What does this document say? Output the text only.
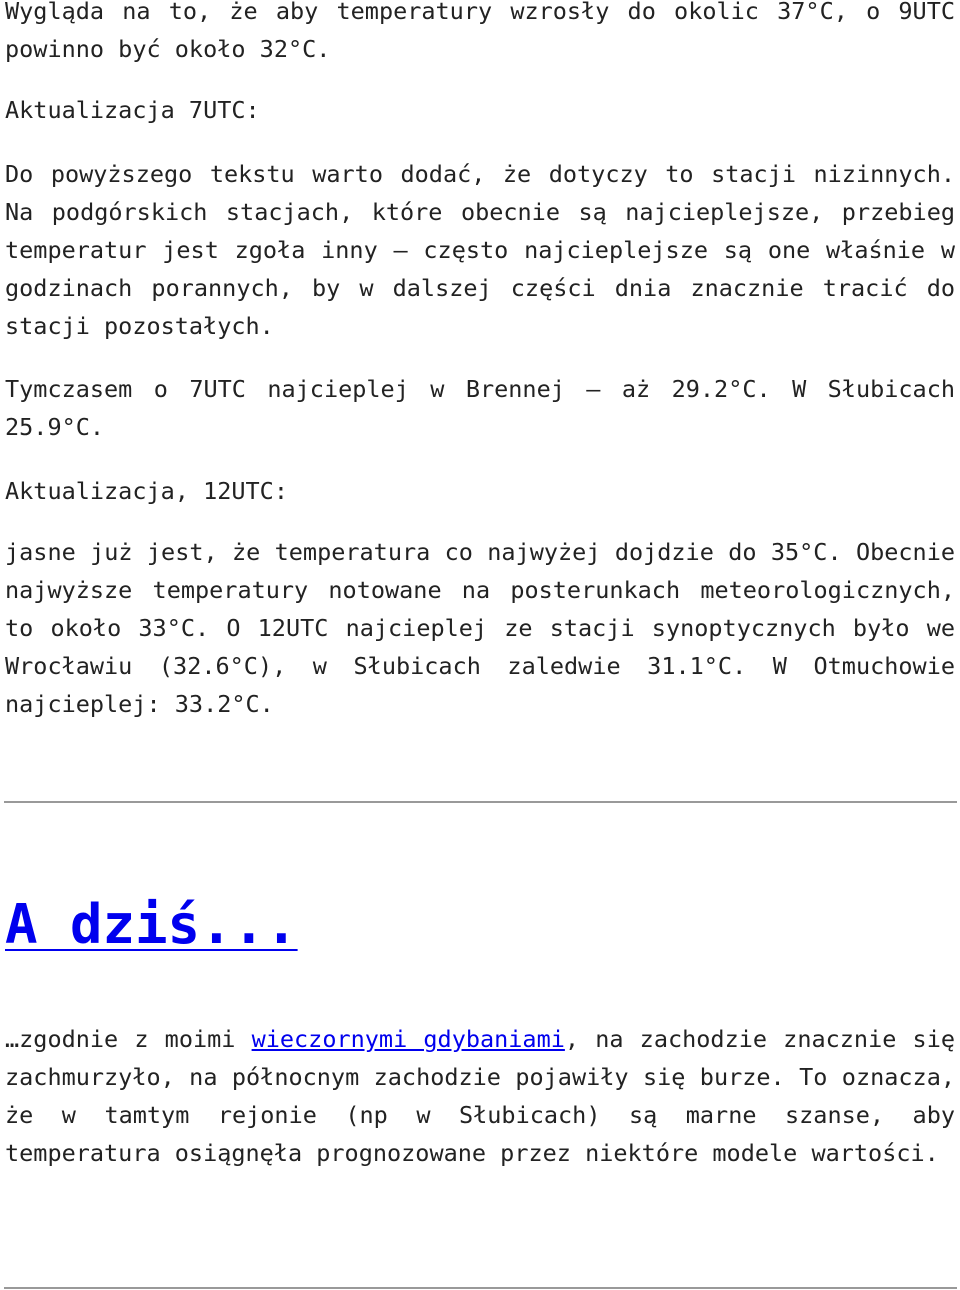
Wygląda na to, że aby temperatury wzrosły do okolic 37°C, o 9UTC powinno być około 32°C.

Aktualizacja 7UTC:

Do powyższego tekstu warto dodać, że dotyczy to stacji nizinnych. Na podgórskich stacjach, które obecnie są najcieplejsze, przebieg temperatur jest zgoła inny – często najcieplejsze są one właśnie w godzinach porannych, by w dalszej części dnia znacznie tracić do stacji pozostałych.

Tymczasem o 7UTC najcieplej w Brennej – aż 29.2°C. W Słubicach 25.9°C.

Aktualizacja, 12UTC:

jasne już jest, że temperatura co najwyżej dojdzie do 35°C. Obecnie najwyższe temperatury notowane na posterunkach meteorologicznych, to około 33°C. O 12UTC najcieplej ze stacji synoptycznych było we Wrocławiu (32.6°C), w Słubicach zaledwie 31.1°C. W Otmuchowie najcieplej: 33.2°C.

A dziś...

…zgodnie z moimi wieczornymi gdybaniami, na zachodzie znacznie się zachmurzyło, na północnym zachodzie pojawiły się burze. To oznacza, że w tamtym rejonie (np w Słubicach) są marne szanse, aby temperatura osiągnęła prognozowane przez niektóre modele wartości.
